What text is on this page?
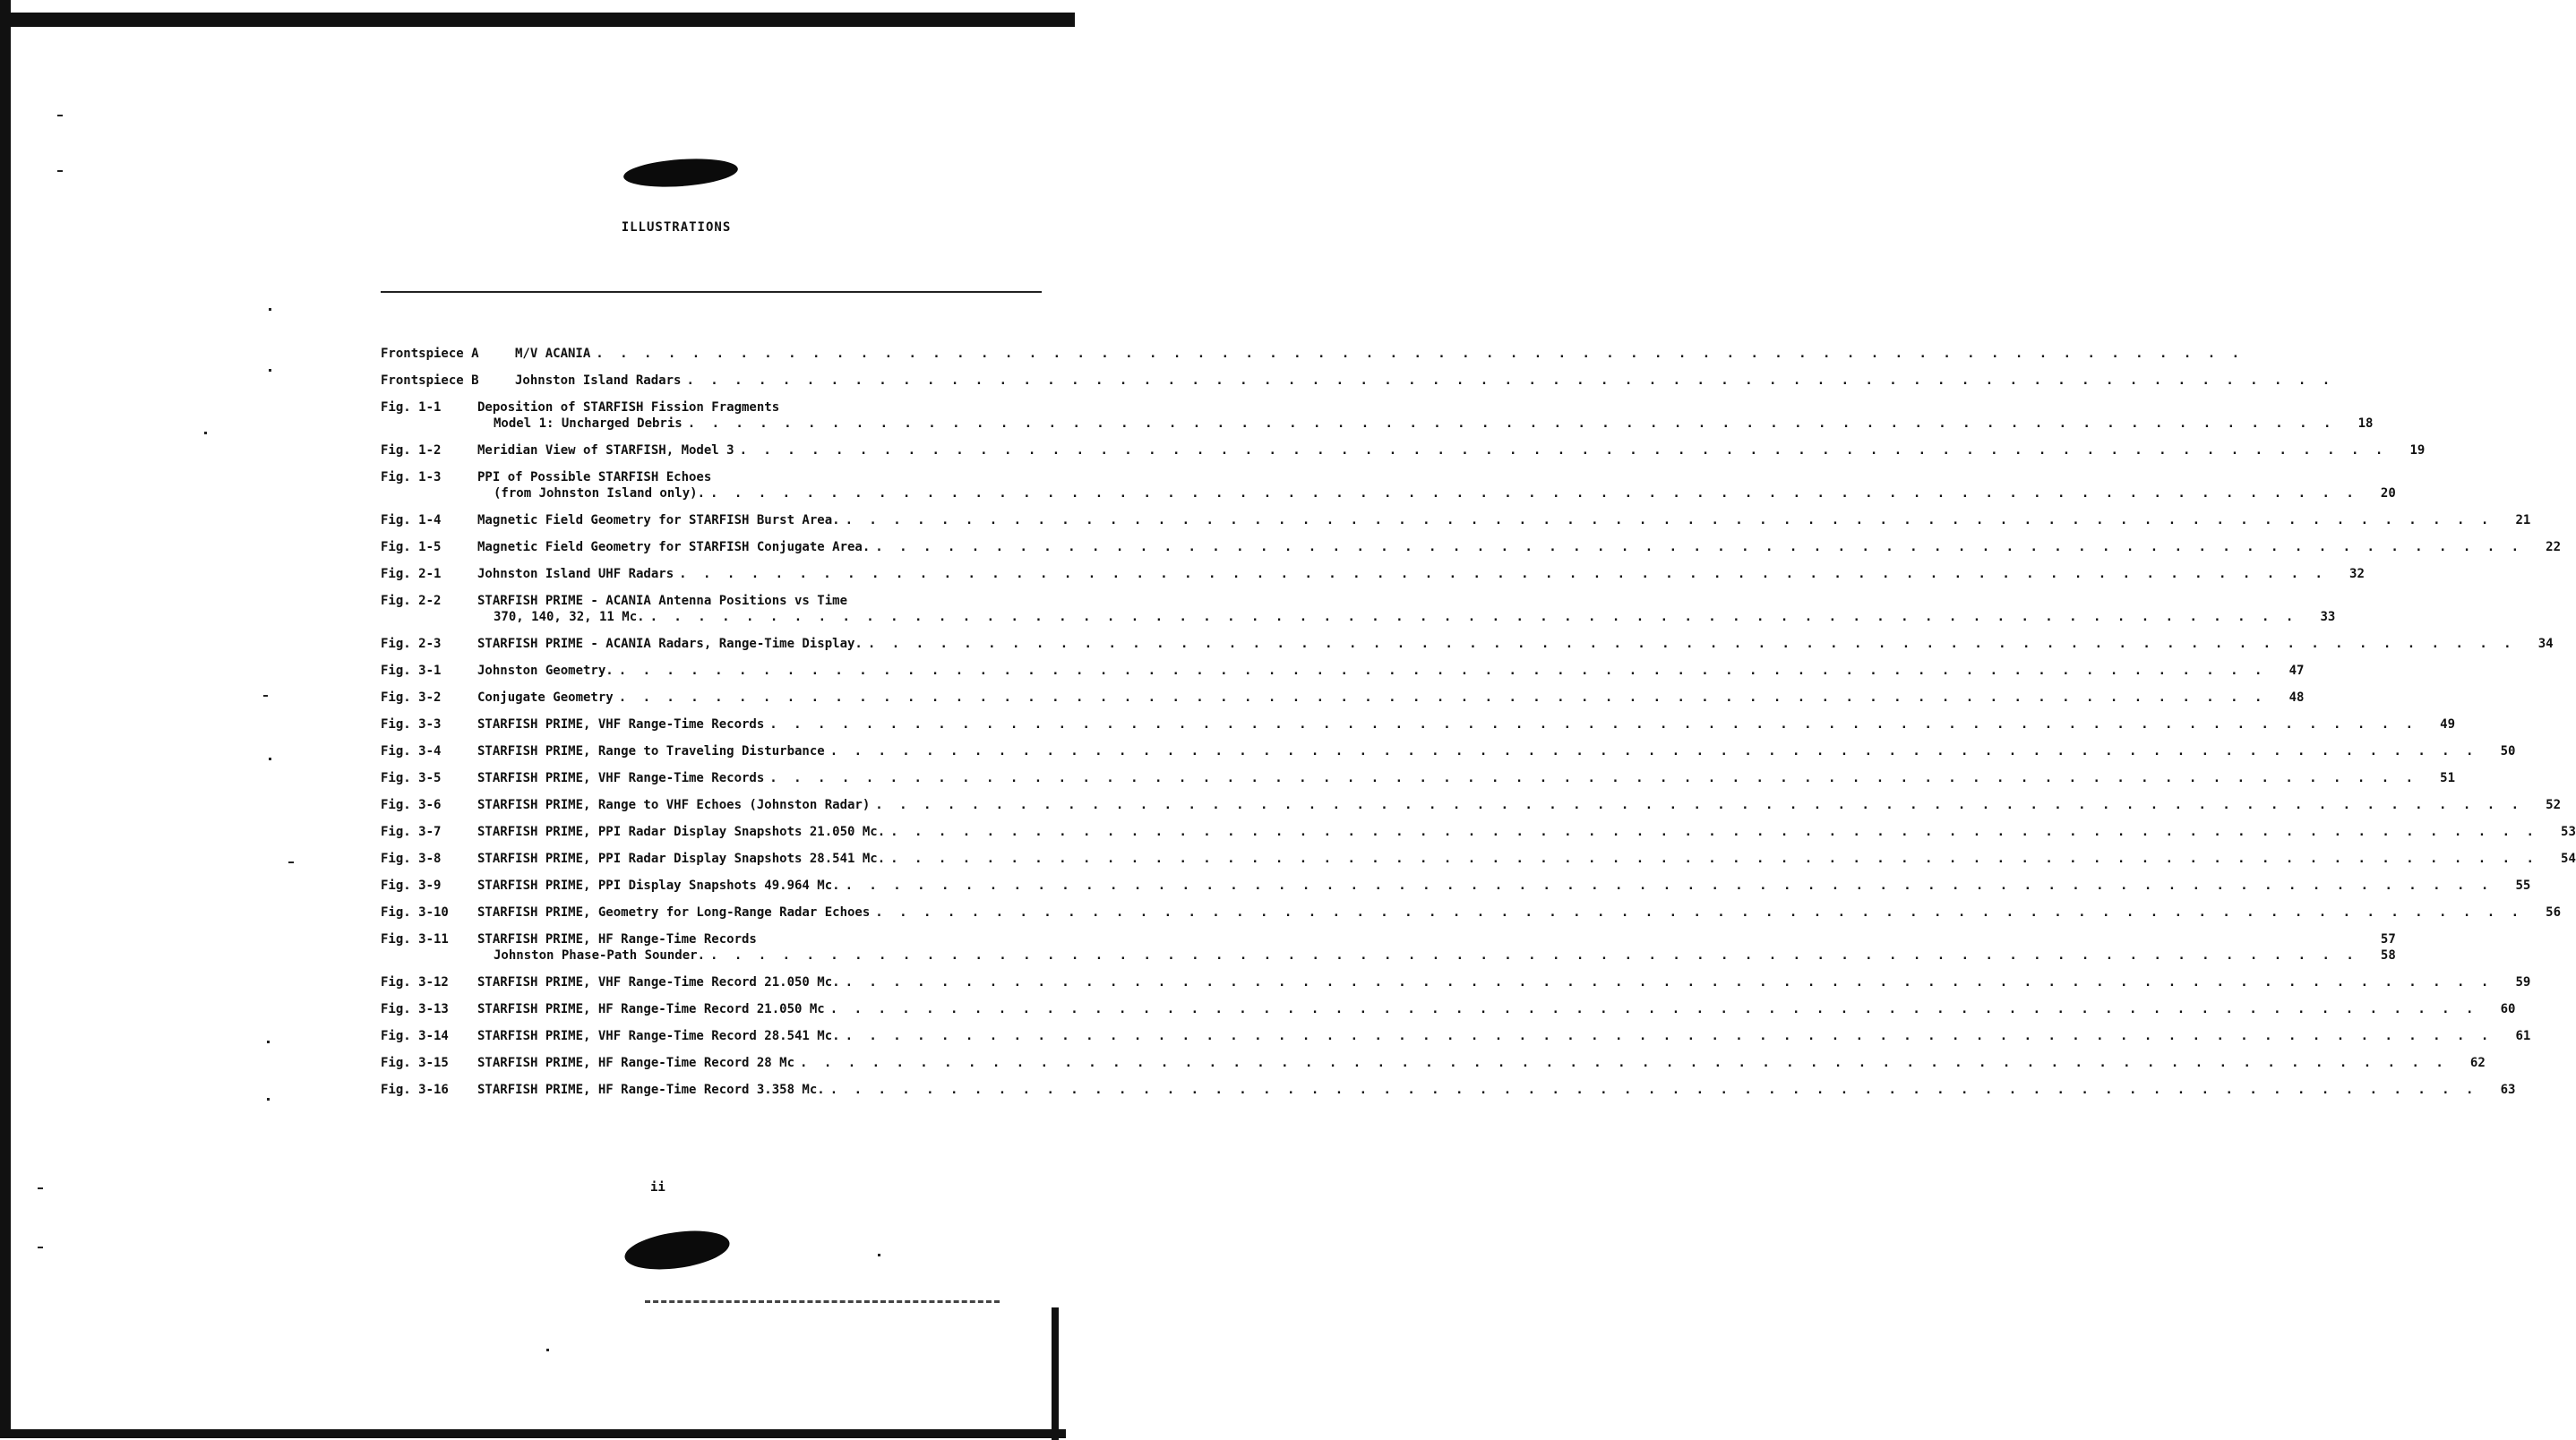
ILLUSTRATIONS
Frontspiece A	M/V ACANIA
. . .
Frontspiece B	Johnston Island Radars
. . .
Fig. 1-1	Deposition of STARFISH Fission Fragments
Model 1: Uncharged Debris . . .	18
Fig. 1-2	Meridian View of STARFISH, Model 3 . . .	19
Fig. 1-3	PPI of Possible STARFISH Echoes
(from Johnston Island only). . . .	20
Fig. 1-4	Magnetic Field Geometry for STARFISH Burst Area. . . .	21
Fig. 1-5	Magnetic Field Geometry for STARFISH Conjugate Area. . . .	22
Fig. 2-1	Johnston Island UHF Radars . . .	32
Fig. 2-2	STARFISH PRIME - ACANIA Antenna Positions vs Time
370, 140, 32, 11 Mc. . . .	33
Fig. 2-3	STARFISH PRIME - ACANIA Radars, Range-Time Display. . . .	34
Fig. 3-1	Johnston Geometry. . . .	47
Fig. 3-2	Conjugate Geometry . . .	48
Fig. 3-3	STARFISH PRIME, VHF Range-Time Records . . .	49
Fig. 3-4	STARFISH PRIME, Range to Traveling Disturbance . . .	50
Fig. 3-5	STARFISH PRIME, VHF Range-Time Records . . .	51
Fig. 3-6	STARFISH PRIME, Range to VHF Echoes (Johnston Radar) . . .	52
Fig. 3-7	STARFISH PRIME, PPI Radar Display Snapshots 21.050 Mc. . . .	53
Fig. 3-8	STARFISH PRIME, PPI Radar Display Snapshots 28.541 Mc. . . .	54
Fig. 3-9	STARFISH PRIME, PPI Display Snapshots 49.964 Mc. . . .	55
Fig. 3-10	STARFISH PRIME, Geometry for Long-Range Radar Echoes . . .	56
Fig. 3-11	STARFISH PRIME, HF Range-Time Records	57
Johnston Phase-Path Sounder. . . .	58
Fig. 3-12	STARFISH PRIME, VHF Range-Time Record 21.050 Mc. . . .	59
Fig. 3-13	STARFISH PRIME, HF Range-Time Record 21.050 Mc . . .	60
Fig. 3-14	STARFISH PRIME, VHF Range-Time Record 28.541 Mc. . . .	61
Fig. 3-15	STARFISH PRIME, HF Range-Time Record 28 Mc . . .	62
Fig. 3-16	STARFISH PRIME, HF Range-Time Record 3.358 Mc. . . .	63
ii
